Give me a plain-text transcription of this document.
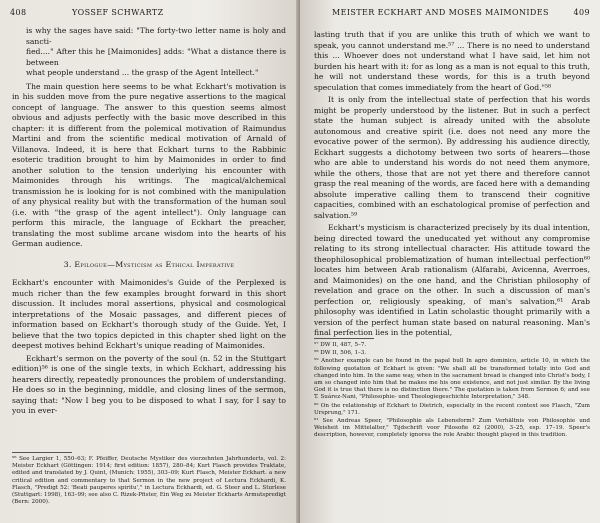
408	YOSSEF SCHWARTZ
is why the sages have said: "The forty-two letter name is holy and sancti-
fied...." After this he [Maimonides] adds: "What a distance there is between
what people understand ... the grasp of the Agent Intellect."

The main question here seems to be what Eckhart's motivation is in his sudden move from the pure negative assertions to the magical concept of language. The answer to this question seems almost obvious and adjusts perfectly with the basic move described in this chapter: it is different from the polemical motivation of Raimundus Martini and from the scientific medical motivation of Arnald of Villanova. Indeed, it is here that Eckhart turns to the Rabbinic esoteric tradition brought to him by Maimonides in order to find another solution to the tension underlying his encounter with Maimonides through his writings. The magical/alchemical transmission he is looking for is not combined with the manipulation of any physical reality but with the transformation of the human soul (i.e. with "the grasp of the agent intellect"). Only language can perform this miracle, the language of Eckhart the preacher, translating the most sublime arcane wisdom into the hearts of his German audience.

3. Epilogue—Mysticism as Ethical Imperative

Eckhart's encounter with Maimonides's Guide of the Perplexed is much richer than the few examples brought forward in this short discussion. It includes moral assertions, physical and cosmological interpretations of the Mosaic passages, and different pieces of information based on Eckhart's thorough study of the Guide. Yet, I believe that the two topics depicted in this chapter shed light on the deepest motives behind Eckhart's unique reading of Maimonides.

Eckhart's sermon on the poverty of the soul (n. 52 in the Stuttgart edition)⁵⁶ is one of the single texts, in which Eckhart, addressing his hearers directly, repeatedly pronounces the problem of understanding. He does so in the beginning, middle, and closing lines of the sermon, saying that: "Now I beg you to be disposed to what I say, for I say to you in ever-

⁵⁶ See Largier 1, 550–63; F. Pfeiffer, Deutsche Mystiker des vierzehnten Jahrhunderts, vol. 2: Meister Eckhart (Göttingen: 1914; first edition: 1857), 280–84; Kurt Flasch provides Traktate, edited and translated by J. Quint, (Munich: 1955), 303–09; Kurt Flasch, Meister Eckhart. a new critical edition and commentary to that Sermon in the new project of Lectura Eckhardi, K. Flasch, "Predigt 52: 'Beati pauperes spiritu'," in Lectura Eckhardi, ed. G. Steer and L. Sturlese (Stuttgart: 1998), 163–99; see also C. Rizek-Pfister, Ein Weg zu Meister Eckharts Armutspredigt (Bern: 2000).
MEISTER ECKHART AND MOSES MAIMONIDES	409

lasting truth that if you are unlike this truth of which we want to speak, you cannot understand me.⁵⁷ ... There is no need to understand this ... Whoever does not understand what I have said, let him not burden his heart with it: for as long as a man is not equal to this truth, he will not understand these words, for this is a truth beyond speculation that comes immediately from the heart of God."⁵⁸

It is only from the intellectual state of perfection that his words might be properly understood by the listener. But in such a perfect state the human subject is already united with the absolute autonomous and creative spirit (i.e. does not need any more the evocative power of the sermon). By addressing his audience directly, Eckhart suggests a dichotomy between two sorts of hearers—those who are able to understand his words do not need them anymore, while the others, those that are not yet there and therefore cannot grasp the real meaning of the words, are faced here with a demanding absolute imperative calling them to transcend their cognitive capacities, combined with an eschatological promise of perfection and salvation.⁵⁹

Eckhart's mysticism is characterized precisely by its dual intention, being directed toward the uneducated yet without any compromise relating to its strong intellectual character. His attitude toward the theophilosophical problematization of human intellectual perfection⁶⁰ locates him between Arab rationalism (Alfarabi, Avicenna, Averroes, and Maimonides) on the one hand, and the Christian philosophy of revelation and grace on the other. In such a discussion of man's perfection or, religiously speaking, of man's salvation,⁶¹ Arab philosophy was identified in Latin scholastic thought primarily with a version of the perfect human state based on natural reasoning. Man's final perfection lies in the potential,

⁵⁷ DW II, 487, 5–7.
⁵⁸ DW II, 506, 1–3.
⁵⁹ Another example can be found in the papal bull In agro dominico, article 10, in which the following quotation of Eckhart is given: "We shall all be transformed totally into God and changed into him. In the same way, when in the sacrament bread is changed into Christ's body, I am so changed into him that he makes me his one existence, and not just similar. By the living God it is true that there is no distinction there." The quotation is taken from Sermon 6; and see T. Suárez-Nani, "Philosophie- und Theologiegeschichte Interpretation," 348.
⁶⁰ On the relationship of Eckhart to Dietrich, especially in the recent context see Flasch, "Zum Ursprung," 171.
⁶¹ See Andreas Speer, "Philosophie als Lebensform? Zum Verhältnis von Philosophie und Weisheit im Mittelalter," Tijdschrift voor Filosofie 62 (2000), 3–25, esp. 17–19. Speer's description, however, completely ignores the role Arabic thought played in this tradition.
